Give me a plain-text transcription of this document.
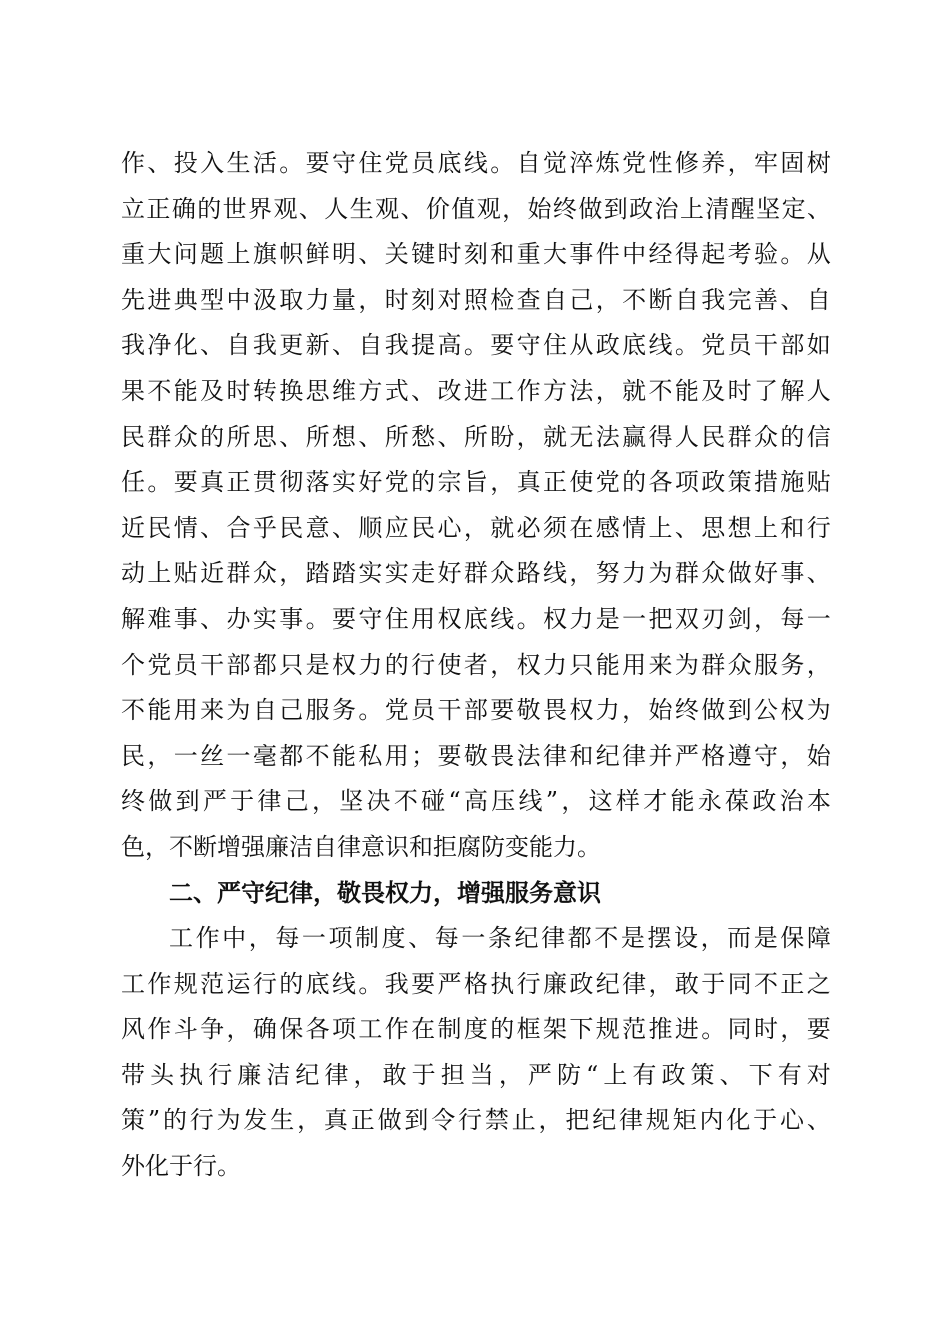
作 、 投 入 生 活 。 要 守 住 党 员 底 线 。 自 觉 淬 炼 党 性 修 养 ， 牢 固 树
立 正 确 的 世 界 观 、 人 生 观 、 价 值 观 ， 始 终 做 到 政 治 上 清 醒 坚 定 、
重 大 问 题 上 旗 帜 鲜 明 、 关 键 时 刻 和 重 大 事 件 中 经 得 起 考 验 。 从
先 进 典 型 中 汲 取 力 量 ， 时 刻 对 照 检 查 自 己 ， 不 断 自 我 完 善 、 自
我 净 化 、 自 我 更 新 、 自 我 提 高 。 要 守 住 从 政 底 线 。 党 员 干 部 如
果 不 能 及 时 转 换 思 维 方 式 、 改 进 工 作 方 法 ， 就 不 能 及 时 了 解 人
民 群 众 的 所 思 、 所 想 、 所 愁 、 所 盼 ， 就 无 法 赢 得 人 民 群 众 的 信
任 。 要 真 正 贯 彻 落 实 好 党 的 宗 旨 ， 真 正 使 党 的 各 项 政 策 措 施 贴
近 民 情 、 合 乎 民 意 、 顺 应 民 心 ， 就 必 须 在 感 情 上 、 思 想 上 和 行
动 上 贴 近 群 众 ， 踏 踏 实 实 走 好 群 众 路 线 ， 努 力 为 群 众 做 好 事 、
解 难 事 、 办 实 事 。 要 守 住 用 权 底 线 。 权 力 是 一 把 双 刃 剑 ， 每 一
个 党 员 干 部 都 只 是 权 力 的 行 使 者 ， 权 力 只 能 用 来 为 群 众 服 务 ，
不 能 用 来 为 自 己 服 务 。 党 员 干 部 要 敬 畏 权 力 ， 始 终 做 到 公 权 为
民 ， 一 丝 一 毫 都 不 能 私 用 ； 要 敬 畏 法 律 和 纪 律 并 严 格 遵 守 ， 始
终 做 到 严 于 律 己 ， 坚 决 不 碰 “ 高 压 线 ” ， 这 样 才 能 永 葆 政 治 本
色，不断增强廉洁自律意识和拒腐防变能力。
二、严守纪律，敬畏权力，增强服务意识
工 作 中 ， 每 一 项 制 度 、 每 一 条 纪 律 都 不 是 摆 设 ， 而 是 保 障
工 作 规 范 运 行 的 底 线 。 我 要 严 格 执 行 廉 政 纪 律 ， 敢 于 同 不 正 之
风 作 斗 争 ， 确 保 各 项 工 作 在 制 度 的 框 架 下 规 范 推 进 。 同 时 ， 要
带 头 执 行 廉 洁 纪 律 ， 敢 于 担 当 ， 严 防 “ 上 有 政 策 、 下 有 对
策 ” 的 行 为 发 生 ， 真 正 做 到 令 行 禁 止 ， 把 纪 律 规 矩 内 化 于 心 、
外化于行。
